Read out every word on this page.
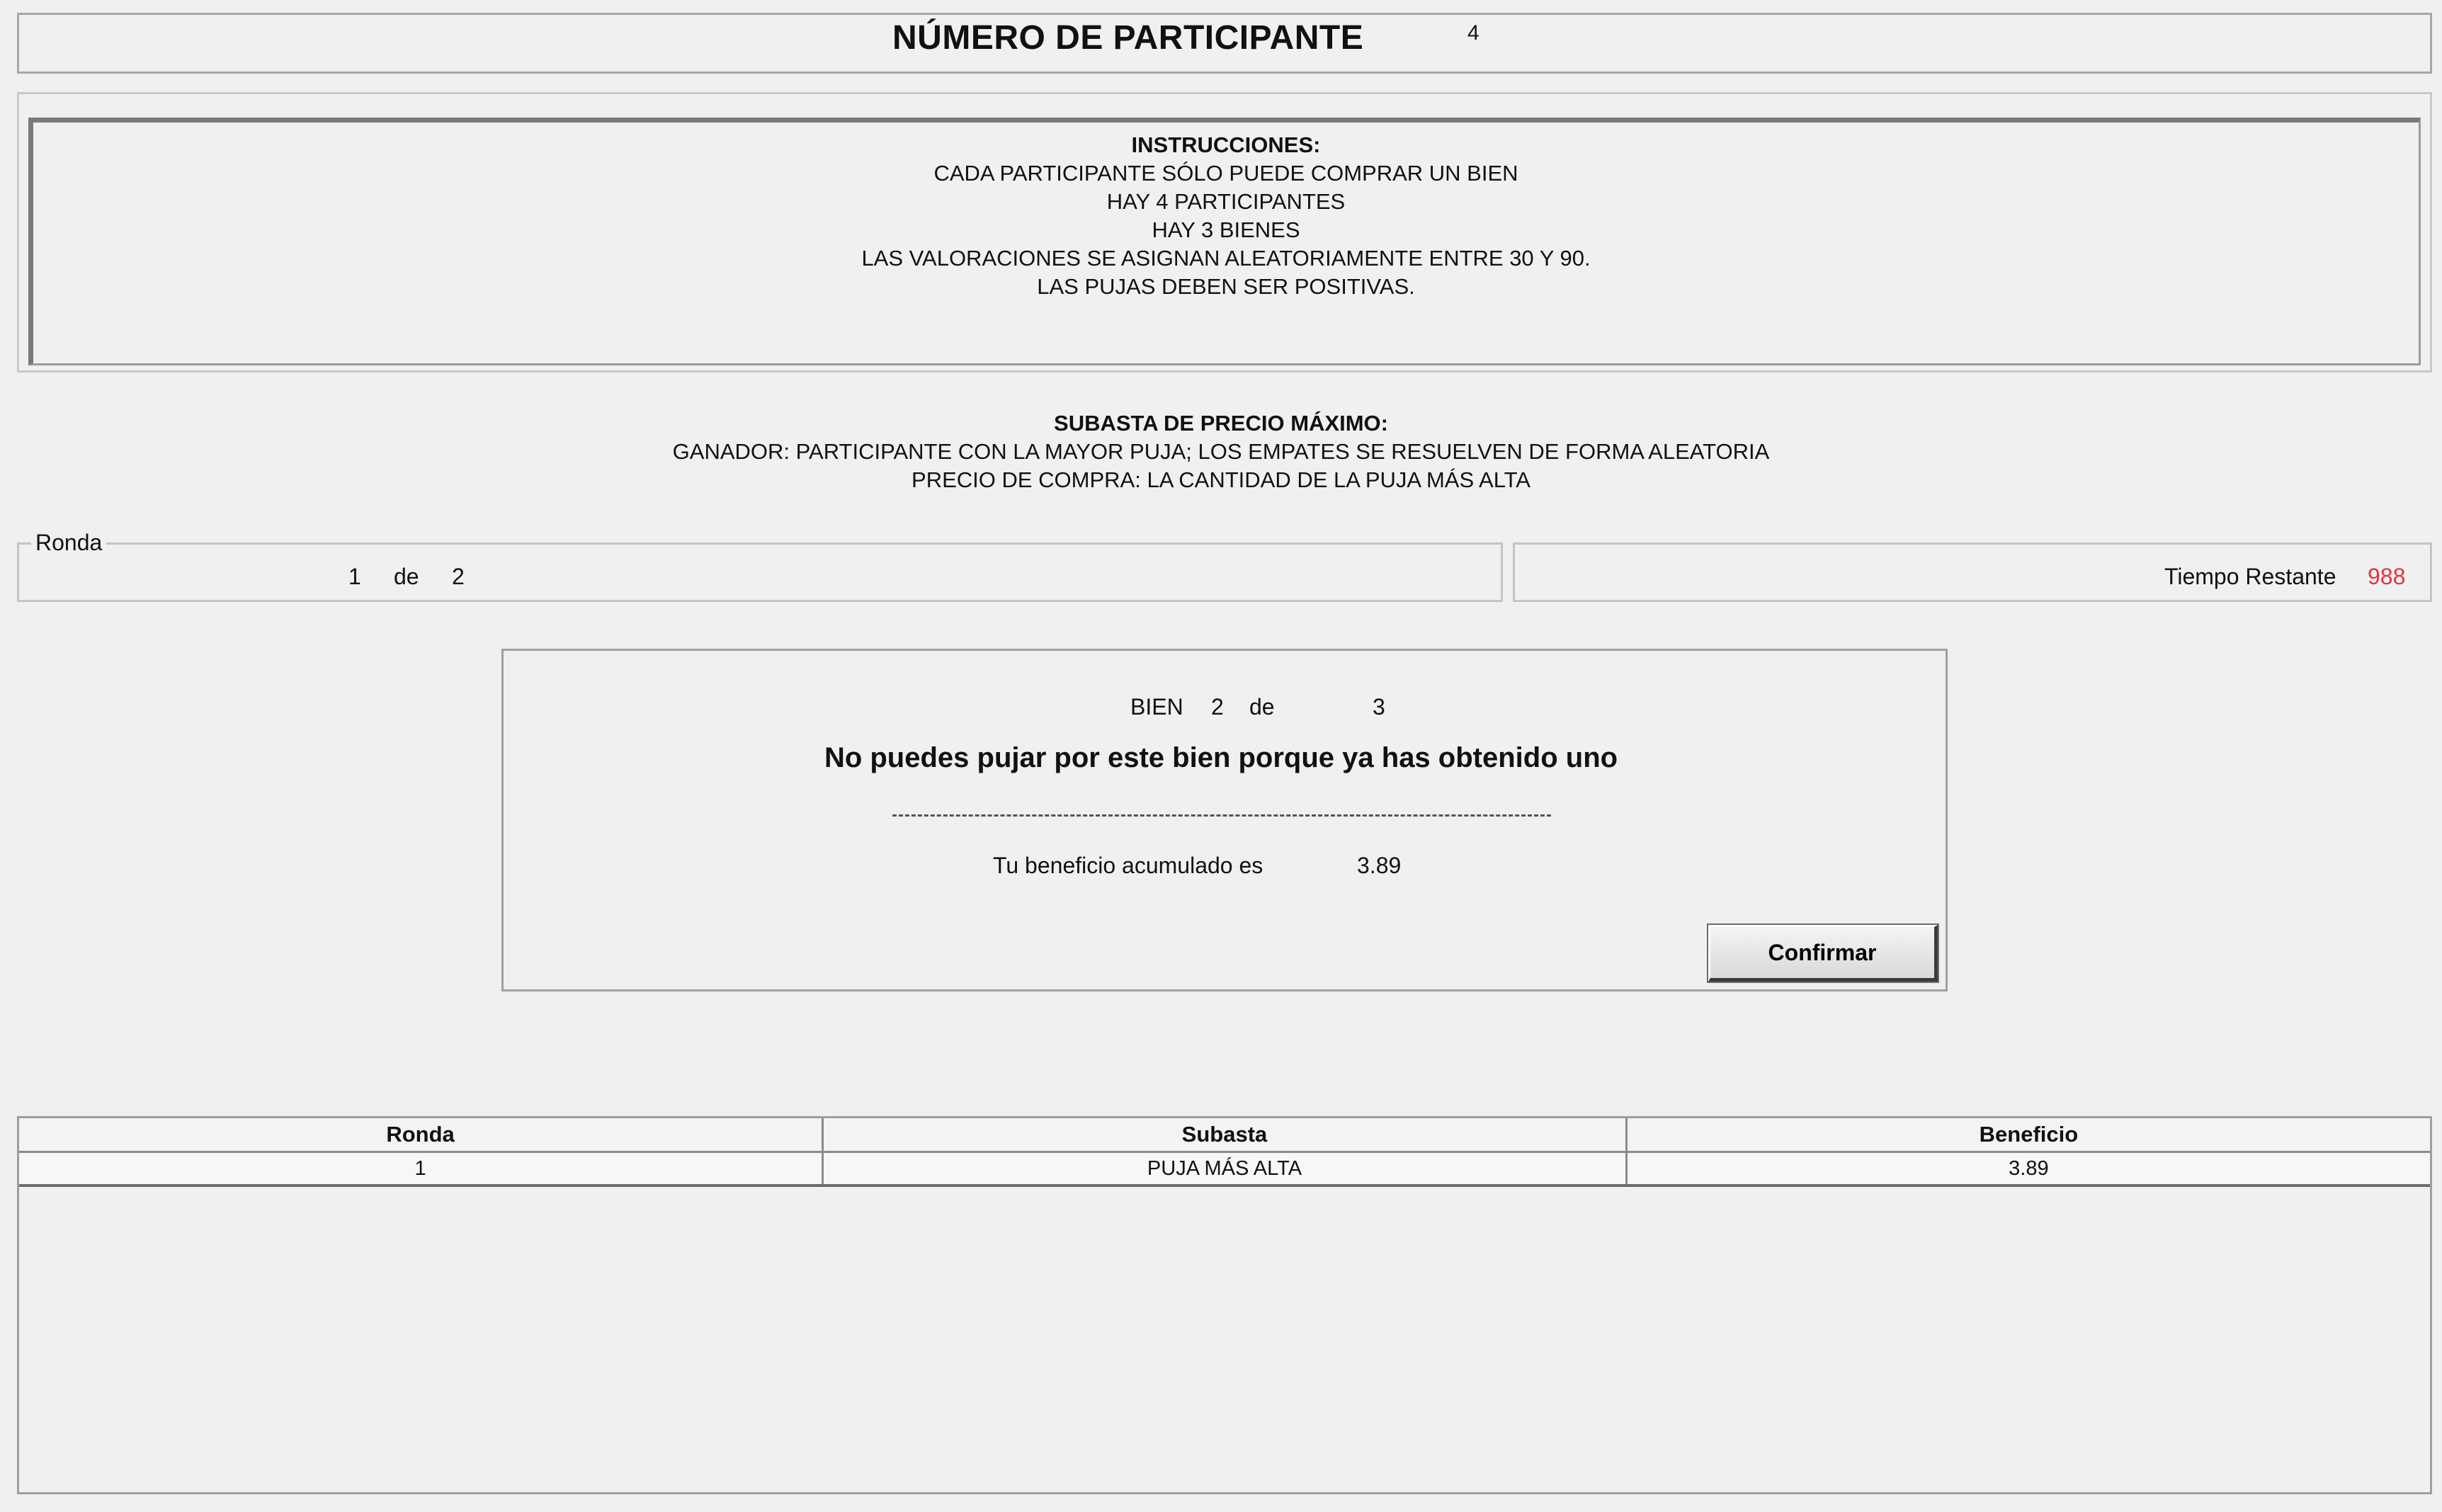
NÚMERO DE PARTICIPANTE	4
INSTRUCCIONES:
CADA PARTICIPANTE SÓLO PUEDE COMPRAR UN BIEN
HAY 4 PARTICIPANTES
HAY 3 BIENES
LAS VALORACIONES SE ASIGNAN ALEATORIAMENTE ENTRE 30 Y 90.
LAS PUJAS DEBEN SER POSITIVAS.
SUBASTA DE PRECIO MÁXIMO:
GANADOR: PARTICIPANTE CON LA MAYOR PUJA; LOS EMPATES SE RESUELVEN DE FORMA ALEATORIA
PRECIO DE COMPRA: LA CANTIDAD DE LA PUJA MÁS ALTA
Ronda
1 de 2	Tiempo Restante 988
BIEN 2 de	3
No puedes pujar por este bien porque ya has obtenido uno
Tu beneficio acumulado es	3.89
Confirmar
Ronda	Subasta	Beneficio
1	PUJA MÁS ALTA	3.89
